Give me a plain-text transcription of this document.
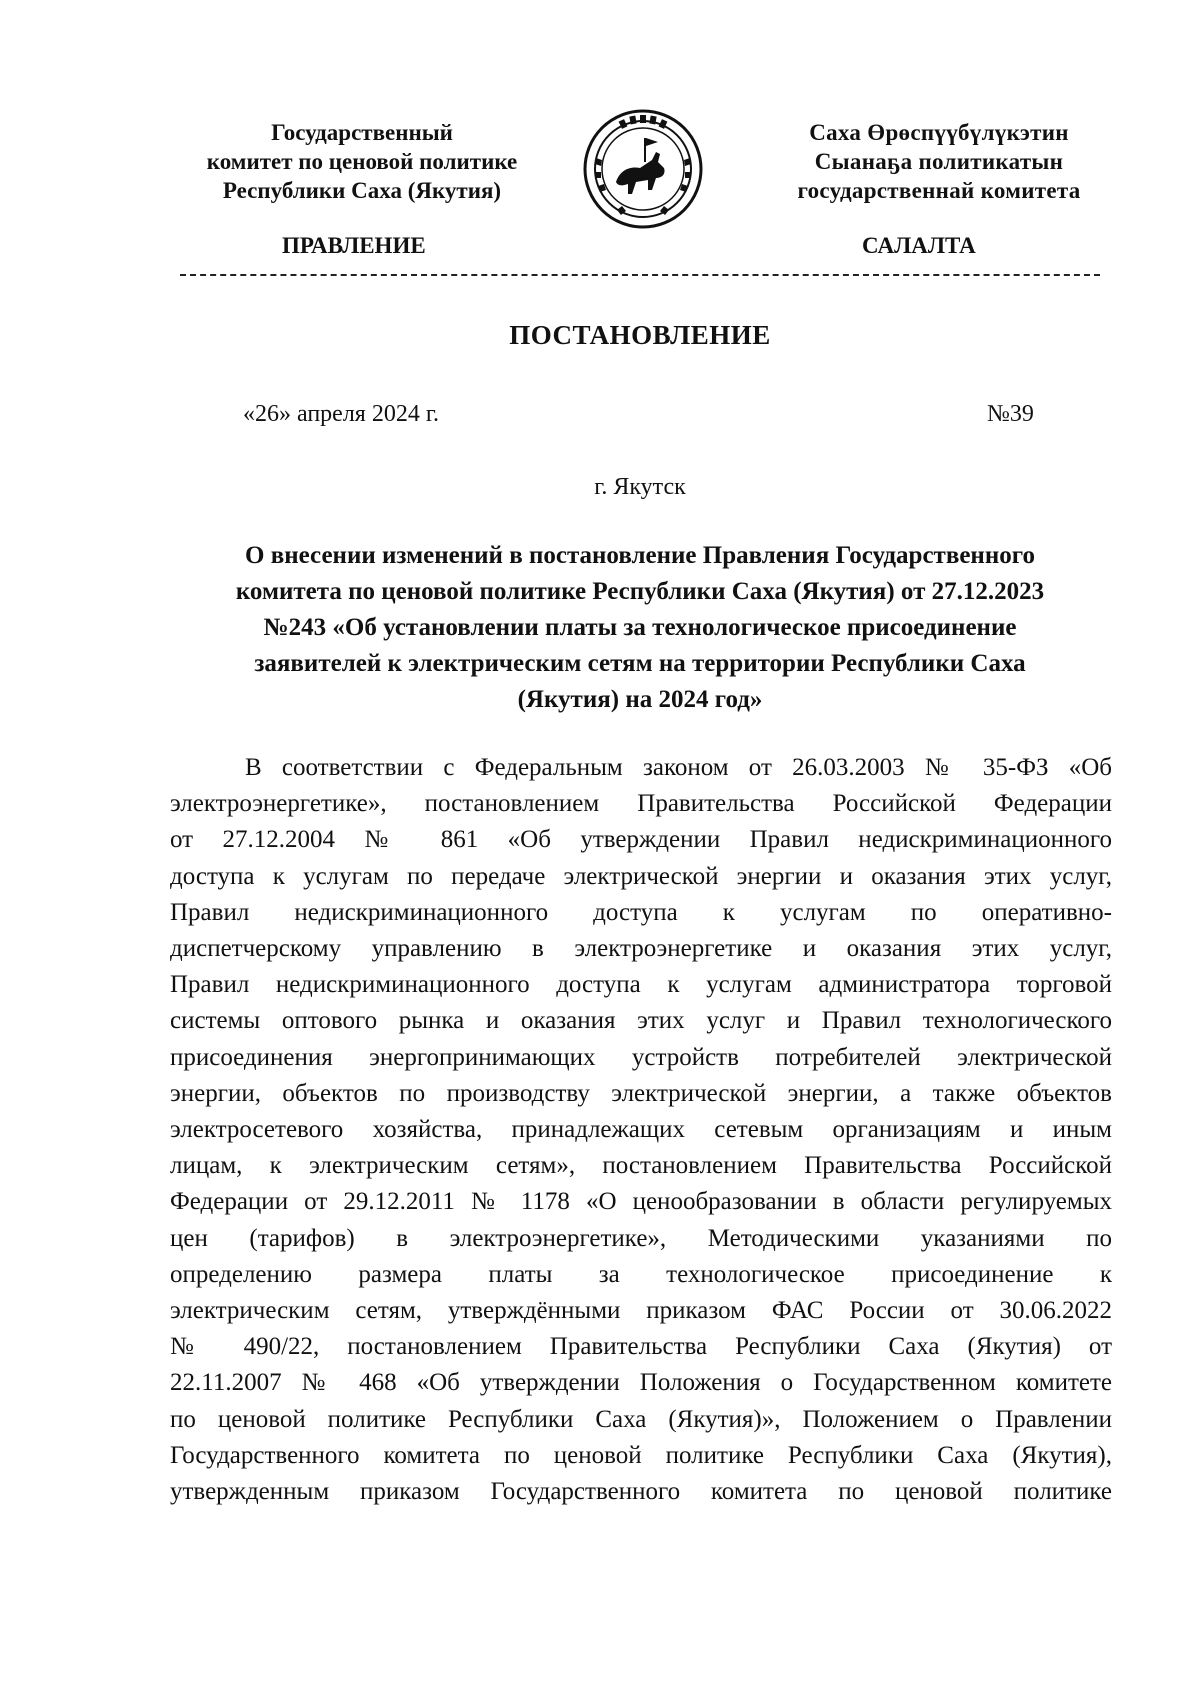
Государственный
комитет по ценовой политике
Республики Саха (Якутия)
Саха Өрөспүүбүлүкэтин
Сыанаҕа политикатын
государственнай комитета
ПРАВЛЕНИЕ	САЛАЛТА
ПОСТАНОВЛЕНИЕ
«26» апреля 2024 г.	№39
г. Якутск
О внесении изменений в постановление Правления Государственного
комитета по ценовой политике Республики Саха (Якутия) от 27.12.2023
№243 «Об установлении платы за технологическое присоединение
заявителей к электрическим сетям на территории Республики Саха
(Якутия) на 2024 год»
В соответствии с Федеральным законом от 26.03.2003 № 35-ФЗ «Об
электроэнергетике», постановлением Правительства Российской Федерации
от 27.12.2004 № 861 «Об утверждении Правил недискриминационного
доступа к услугам по передаче электрической энергии и оказания этих услуг,
Правил недискриминационного доступа к услугам по оперативно-
диспетчерскому управлению в электроэнергетике и оказания этих услуг,
Правил недискриминационного доступа к услугам администратора торговой
системы оптового рынка и оказания этих услуг и Правил технологического
присоединения энергопринимающих устройств потребителей электрической
энергии, объектов по производству электрической энергии, а также объектов
электросетевого хозяйства, принадлежащих сетевым организациям и иным
лицам, к электрическим сетям», постановлением Правительства Российской
Федерации от 29.12.2011 № 1178 «О ценообразовании в области регулируемых
цен (тарифов) в электроэнергетике», Методическими указаниями по
определению размера платы за технологическое присоединение к
электрическим сетям, утверждёнными приказом ФАС России от 30.06.2022
№ 490/22, постановлением Правительства Республики Саха (Якутия) от
22.11.2007 № 468 «Об утверждении Положения о Государственном комитете
по ценовой политике Республики Саха (Якутия)», Положением о Правлении
Государственного комитета по ценовой политике Республики Саха (Якутия),
утвержденным приказом Государственного комитета по ценовой политике
